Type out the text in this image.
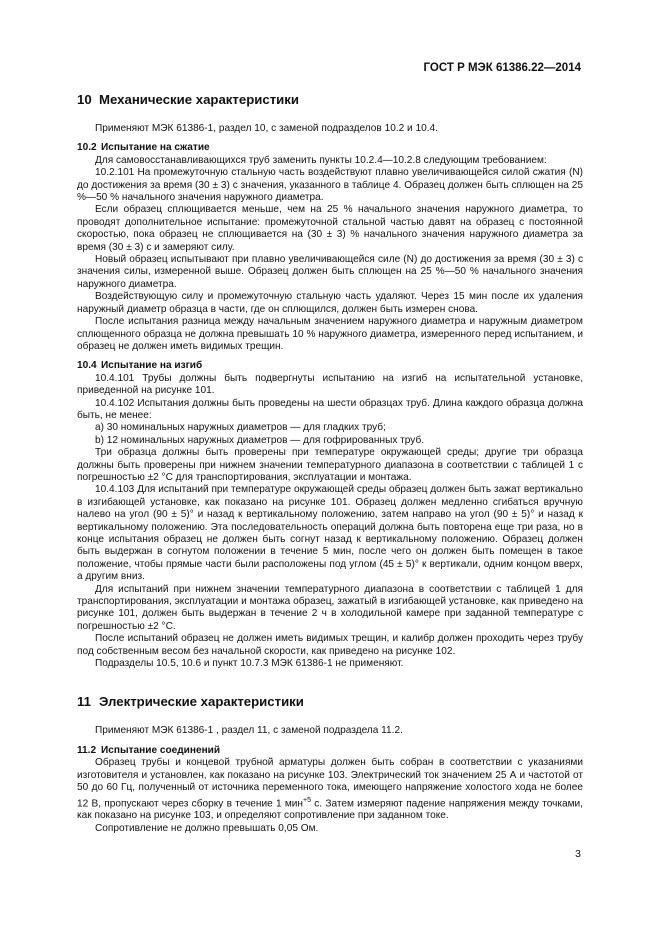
ГОСТ Р МЭК 61386.22—2014
10 Механические характеристики

Применяют МЭК 61386-1, раздел 10, с заменой подразделов 10.2 и 10.4.

10.2 Испытание на сжатие

Для самовосстанавливающихся труб заменить пункты 10.2.4—10.2.8 следующим требованием:

10.2.101 На промежуточную стальную часть воздействуют плавно увеличивающейся силой сжатия (N) до достижения за время (30 ± 3) с значения, указанного в таблице 4. Образец должен быть сплющен на 25 %—50 % начального значения наружного диаметра.

Если образец сплющивается меньше, чем на 25 % начального значения наружного диаметра, то проводят дополнительное испытание: промежуточной стальной частью давят на образец с постоянной скоростью, пока образец не сплющивается на (30 ± 3) % начального значения наружного диаметра за время (30 ± 3) с и замеряют силу.

Новый образец испытывают при плавно увеличивающейся силе (N) до достижения за время (30 ± 3) с значения силы, измеренной выше. Образец должен быть сплющен на 25 %—50 % начального значения наружного диаметра.

Воздействующую силу и промежуточную стальную часть удаляют. Через 15 мин после их удаления наружный диаметр образца в части, где он сплющился, должен быть измерен снова.

После испытания разница между начальным значением наружного диаметра и наружным диаметром сплющенного образца не должна превышать 10 % наружного диаметра, измеренного перед испытанием, и образец не должен иметь видимых трещин.

10.4 Испытание на изгиб

10.4.101 Трубы должны быть подвергнуты испытанию на изгиб на испытательной установке, приведенной на рисунке 101.

10.4.102 Испытания должны быть проведены на шести образцах труб. Длина каждого образца должна быть, не менее:

a) 30 номинальных наружных диаметров — для гладких труб;

b) 12 номинальных наружных диаметров — для гофрированных труб.

Три образца должны быть проверены при температуре окружающей среды; другие три образца должны быть проверены при нижнем значении температурного диапазона в соответствии с таблицей 1 с погрешностью ±2 °С для транспортирования, эксплуатации и монтажа.

10.4.103 Для испытаний при температуре окружающей среды образец должен быть зажат вертикально в изгибающей установке, как показано на рисунке 101. Образец должен медленно сгибаться вручную налево на угол (90 ± 5)° и назад к вертикальному положению, затем направо на угол (90 ± 5)° и назад к вертикальному положению. Эта последовательность операций должна быть повторена еще три раза, но в конце испытания образец не должен быть согнут назад к вертикальному положению. Образец должен быть выдержан в согнутом положении в течение 5 мин, после чего он должен быть помещен в такое положение, чтобы прямые части были расположены под углом (45 ± 5)° к вертикали, одним концом вверх, а другим вниз.

Для испытаний при нижнем значении температурного диапазона в соответствии с таблицей 1 для транспортирования, эксплуатации и монтажа образец, зажатый в изгибающей установке, как приведено на рисунке 101, должен быть выдержан в течение 2 ч в холодильной камере при заданной температуре с погрешностью ±2 °С.

После испытаний образец не должен иметь видимых трещин, и калибр должен проходить через трубу под собственным весом без начальной скорости, как приведено на рисунке 102.

Подразделы 10.5, 10.6 и пункт 10.7.3 МЭК 61386-1 не применяют.

11 Электрические характеристики

Применяют МЭК 61386-1 , раздел 11, с заменой подраздела 11.2.

11.2 Испытание соединений

Образец трубы и концевой трубной арматуры должен быть собран в соответствии с указаниями изготовителя и установлен, как показано на рисунке 103. Электрический ток значением 25 А и частотой от 50 до 60 Гц, полученный от источника переменного тока, имеющего напряжение холостого хода не более 12 В, пропускают через сборку в течение 1 мин$^{+5}$ с. Затем измеряют падение напряжения между точками, как показано на рисунке 103, и определяют сопротивление при заданном токе.

Сопротивление не должно превышать 0,05 Ом.

3
